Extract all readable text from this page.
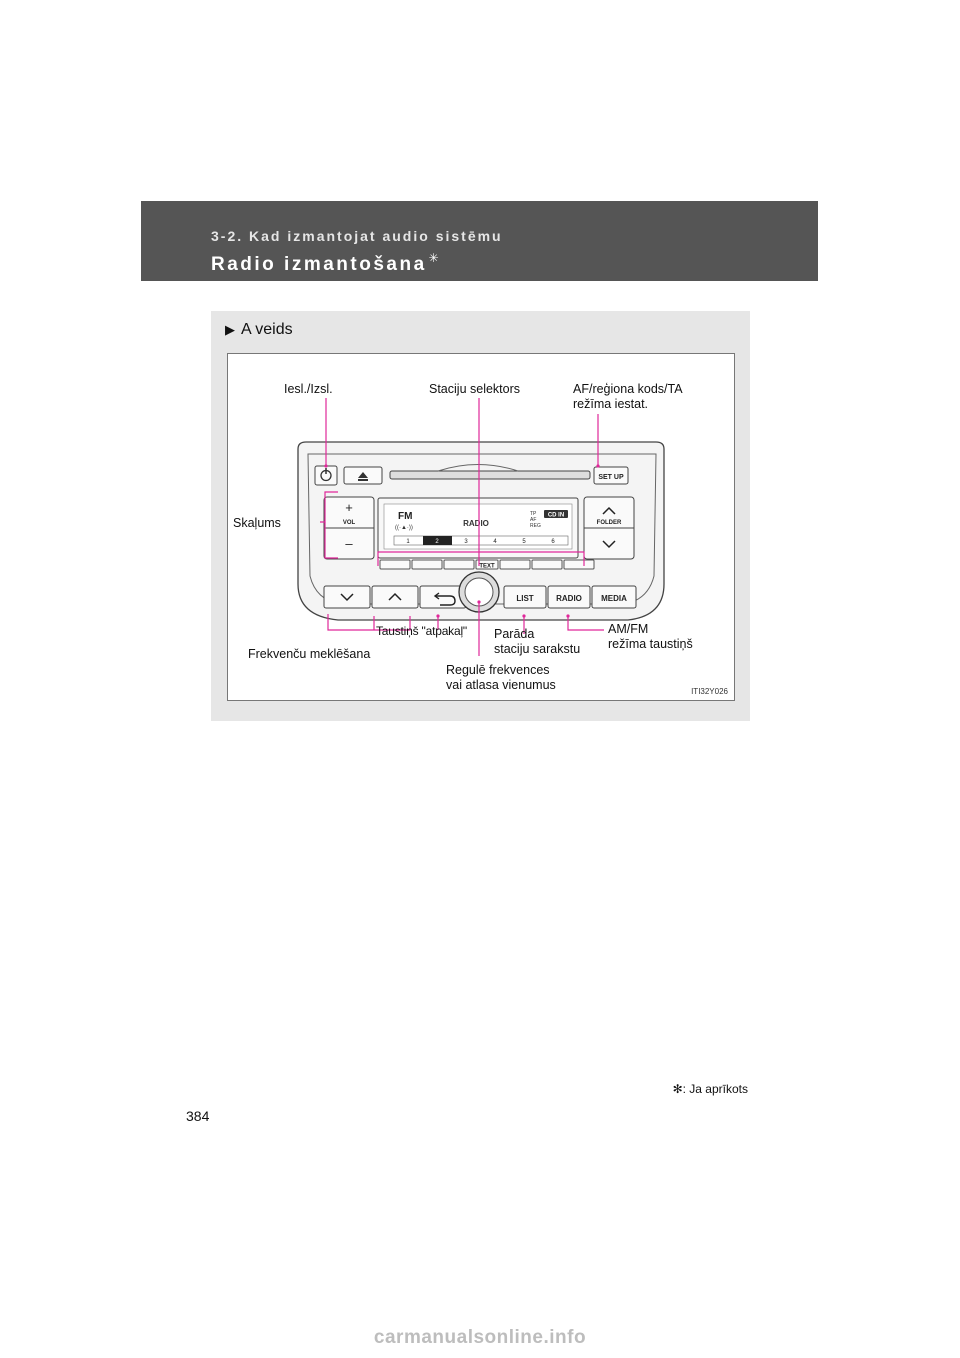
3-2. Kad izmantojat audio sistēmu
Radio izmantošana ✳
▶ A veids
SET UP
+
VOL
–
FOLDER
FM
((·▲·))	RADIO
TP
AF
REG
CD IN
1	2	3	4	5	6
TEXT
LIST	RADIO MEDIA
Iesl./Izsl.	Staciju selektors	AF/reģiona kods/TA
režīma iestat.
Skaļums
Taustiņš "atpakaļ" Parāda
staciju sarakstu
AM/FM
režīma taustiņš
Frekvenču meklēšana
Regulē frekvences
vai atlasa vienumus	ITI32Y026
✻: Ja aprīkots
384
carmanualsonline.info
